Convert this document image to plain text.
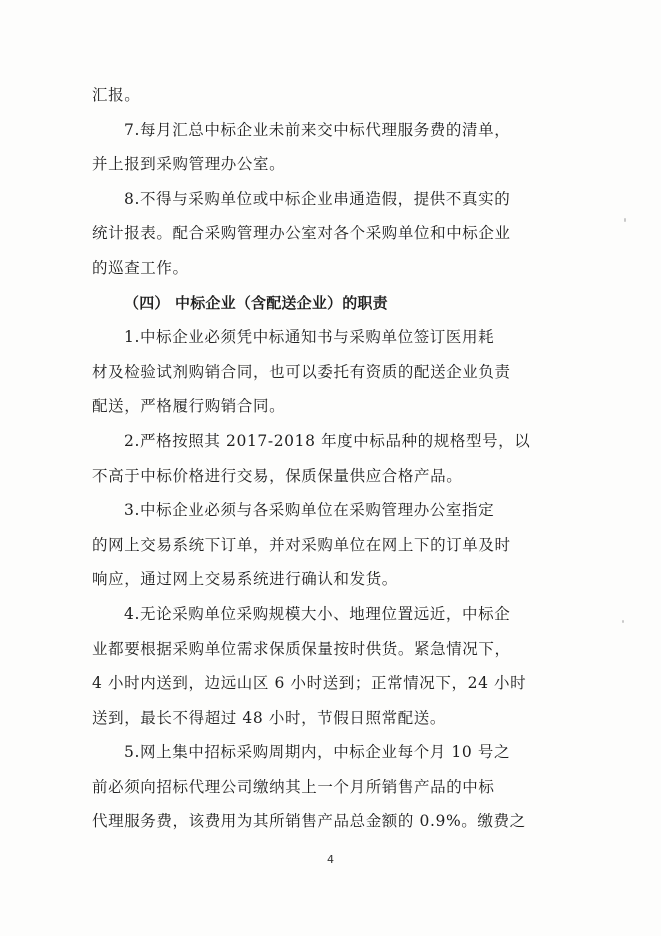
汇报。
7.每月汇总中标企业未前来交中标代理服务费的清单，
并上报到采购管理办公室。
8.不得与采购单位或中标企业串通造假，提供不真实的
统计报表。配合采购管理办公室对各个采购单位和中标企业
的巡查工作。
（四） 中标企业（含配送企业）的职责
1.中标企业必须凭中标通知书与采购单位签订医用耗
材及检验试剂购销合同，也可以委托有资质的配送企业负责
配送，严格履行购销合同。
2.严格按照其 2017-2018 年度中标品种的规格型号，以
不高于中标价格进行交易，保质保量供应合格产品。
3.中标企业必须与各采购单位在采购管理办公室指定
的网上交易系统下订单，并对采购单位在网上下的订单及时
响应，通过网上交易系统进行确认和发货。
4.无论采购单位采购规模大小、地理位置远近，中标企
业都要根据采购单位需求保质保量按时供货。紧急情况下，
4 小时内送到，边远山区 6 小时送到；正常情况下，24 小时
送到，最长不得超过 48 小时，节假日照常配送。
5.网上集中招标采购周期内，中标企业每个月 10 号之
前必须向招标代理公司缴纳其上一个月所销售产品的中标
代理服务费，该费用为其所销售产品总金额的 0.9%。缴费之
4
